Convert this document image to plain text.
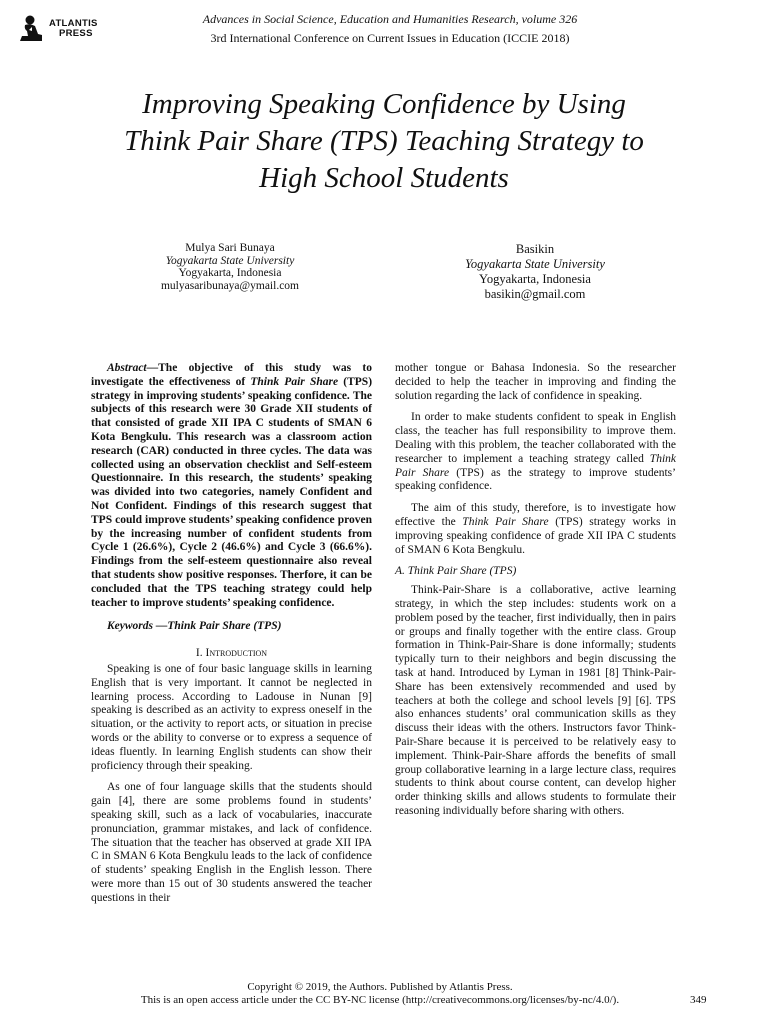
ATLANTIS
PRESS
Advances in Social Science, Education and Humanities Research, volume 326
3rd International Conference on Current Issues in Education (ICCIE 2018)
Improving Speaking Confidence by Using
Think Pair Share (TPS) Teaching Strategy to
High School Students
Mulya Sari Bunaya
Yogyakarta State University
Yogyakarta, Indonesia
mulyasaribunaya@ymail.com
Basikin
Yogyakarta State University
Yogyakarta, Indonesia
basikin@gmail.com

Abstract—The objective of this study was to investigate the effectiveness of Think Pair Share (TPS) strategy in improving students’ speaking confidence. The subjects of this research were 30 Grade XII students of that consisted of grade XII IPA C students of SMAN 6 Kota Bengkulu. This research was a classroom action research (CAR) conducted in three cycles. The data was collected using an observation checklist and Self-esteem Questionnaire. In this research, the students’ speaking was divided into two categories, namely Confident and Not Confident. Findings of this research suggest that TPS could improve students’ speaking confidence proven by the increasing number of confident students from Cycle 1 (26.6%), Cycle 2 (46.6%) and Cycle 3 (66.6%). Findings from the self-esteem questionnaire also reveal that students show positive responses. Therfore, it can be concluded that the TPS teaching strategy could help teacher to improve students’ speaking confidence.

Keywords —Think Pair Share (TPS)

I. Introduction

Speaking is one of four basic language skills in learning English that is very important. It cannot be neglected in learning process. According to Ladouse in Nunan [9] speaking is described as an activity to express oneself in the situation, or the activity to report acts, or situation in precise words or the ability to converse or to express a sequence of ideas fluently. In learning English students can show their proficiency through their speaking.

As one of four language skills that the students should gain [4], there are some problems found in students’ speaking skill, such as a lack of vocabularies, inaccurate pronunciation, grammar mistakes, and lack of confidence. The situation that the teacher has observed at grade XII IPA C in SMAN 6 Kota Bengkulu leads to the lack of confidence of students’ speaking English in the English lesson. There were more than 15 out of 30 students answered the teacher questions in their

mother tongue or Bahasa Indonesia. So the researcher decided to help the teacher in improving and finding the solution regarding the lack of confidence in speaking.

In order to make students confident to speak in English class, the teacher has full responsibility to improve them. Dealing with this problem, the teacher collaborated with the researcher to implement a teaching strategy called Think Pair Share (TPS) as the strategy to improve students’ speaking confidence.

The aim of this study, therefore, is to investigate how effective the Think Pair Share (TPS) strategy works in improving speaking confidence of grade XII IPA C students of SMAN 6 Kota Bengkulu.

A. Think Pair Share (TPS)

Think-Pair-Share is a collaborative, active learning strategy, in which the step includes: students work on a problem posed by the teacher, first individually, then in pairs or groups and finally together with the entire class. Group formation in Think-Pair-Share is done informally; students typically turn to their neighbors and begin discussing the task at hand. Introduced by Lyman in 1981 [8] Think-Pair-Share has been extensively recommended and used by teachers at both the college and school levels [9] [6]. TPS also enhances students’ oral communication skills as they discuss their ideas with the others. Instructors favor Think-Pair-Share because it is perceived to be relatively easy to implement. Think-Pair-Share affords the benefits of small group collaborative learning in a large lecture class, requires students to think about course content, can develop higher order thinking skills and allows students to formulate their reasoning individually before sharing with others.

Copyright © 2019, the Authors. Published by Atlantis Press.
This is an open access article under the CC BY-NC license (http://creativecommons.org/licenses/by-nc/4.0/).	349
